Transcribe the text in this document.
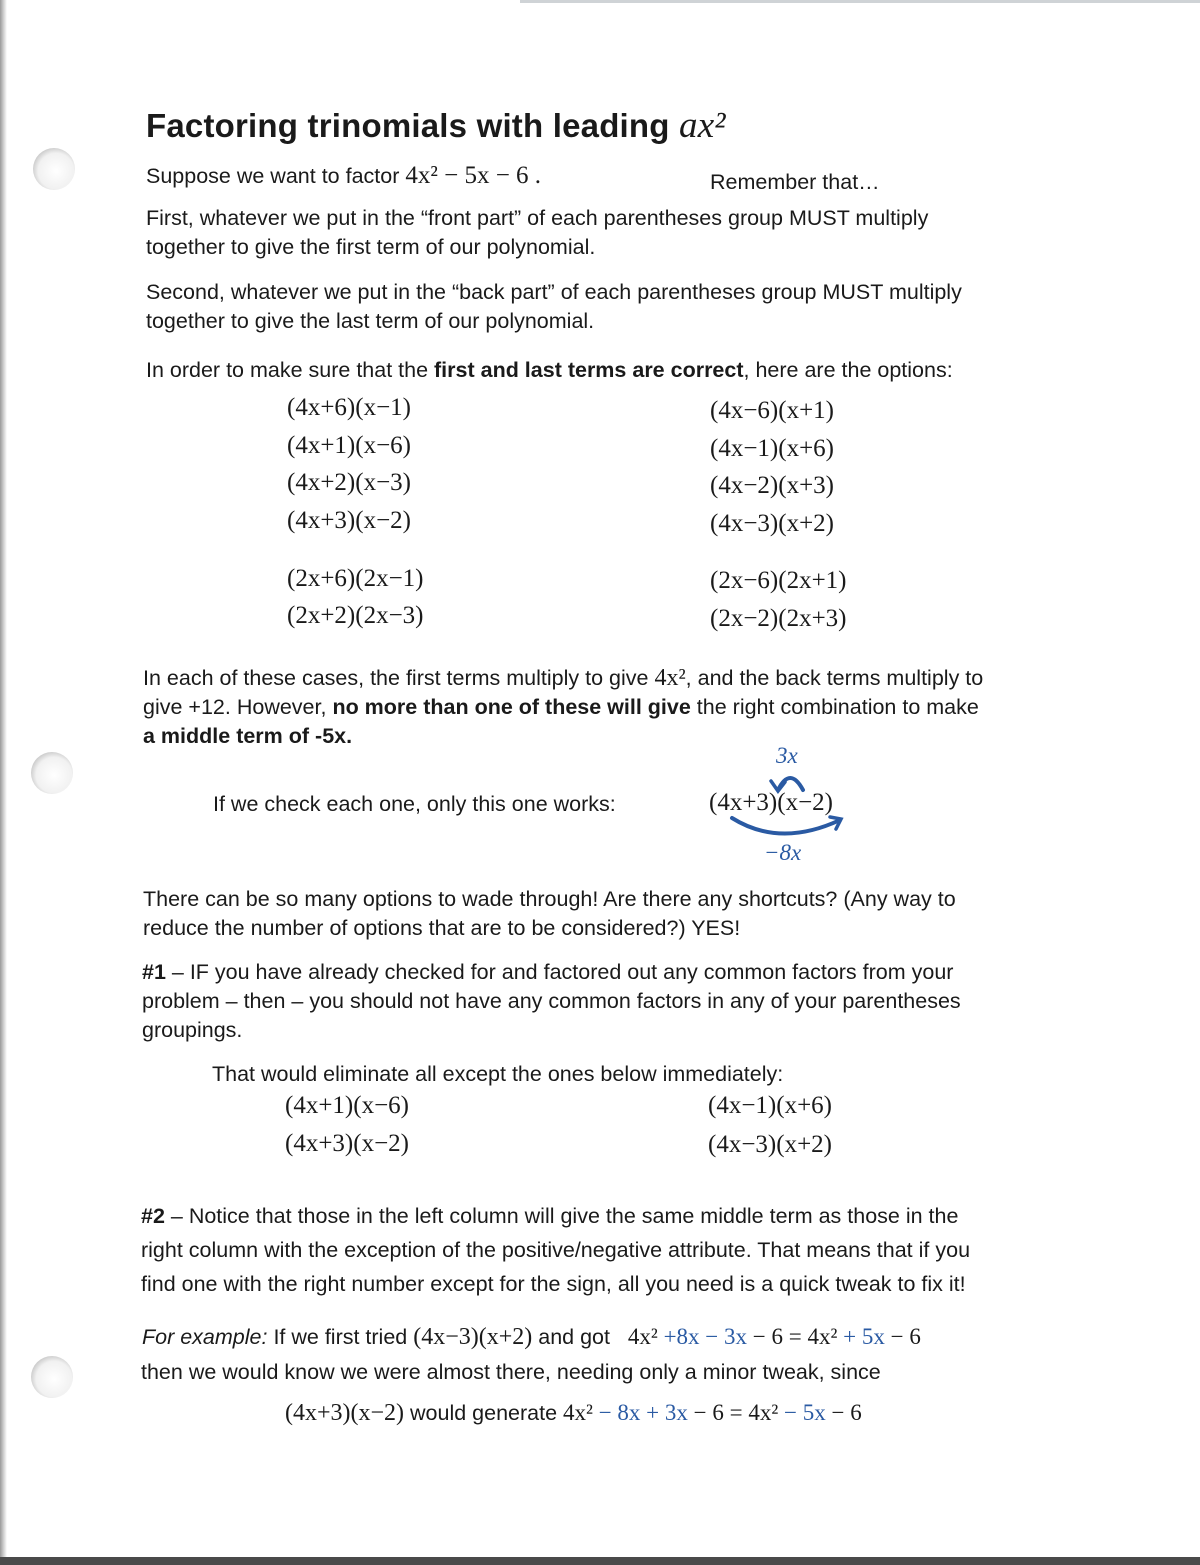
Factoring trinomials with leading ax²
Suppose we want to factor 4x² − 5x − 6 .	Remember that…
First, whatever we put in the “front part” of each parentheses group MUST multiply
together to give the first term of our polynomial.
Second, whatever we put in the “back part” of each parentheses group MUST multiply
together to give the last term of our polynomial.
In order to make sure that the first and last terms are correct, here are the options:
(4x+6)(x−1)
(4x+1)(x−6)
(4x+2)(x−3)
(4x+3)(x−2)
(2x+6)(2x−1)
(2x+2)(2x−3)
(4x−6)(x+1)
(4x−1)(x+6)
(4x−2)(x+3)
(4x−3)(x+2)
(2x−6)(2x+1)
(2x−2)(2x+3)
In each of these cases, the first terms multiply to give 4x², and the back terms multiply to
give +12. However, no more than one of these will give the right combination to make
a middle term of -5x.
If we check each one, only this one works:
3x
(4x+3)(x−2)
−8x
There can be so many options to wade through! Are there any shortcuts? (Any way to
reduce the number of options that are to be considered?) YES!
#1 – IF you have already checked for and factored out any common factors from your
problem – then – you should not have any common factors in any of your parentheses
groupings.
That would eliminate all except the ones below immediately:
(4x+1)(x−6)
(4x+3)(x−2)
(4x−1)(x+6)
(4x−3)(x+2)
#2 – Notice that those in the left column will give the same middle term as those in the
right column with the exception of the positive/negative attribute. That means that if you
find one with the right number except for the sign, all you need is a quick tweak to fix it!
For example: If we first tried (4x−3)(x+2) and got   4x² +8x − 3x − 6 = 4x² + 5x − 6
then we would know we were almost there, needing only a minor tweak, since
(4x+3)(x−2) would generate 4x² − 8x + 3x − 6 = 4x² − 5x − 6
